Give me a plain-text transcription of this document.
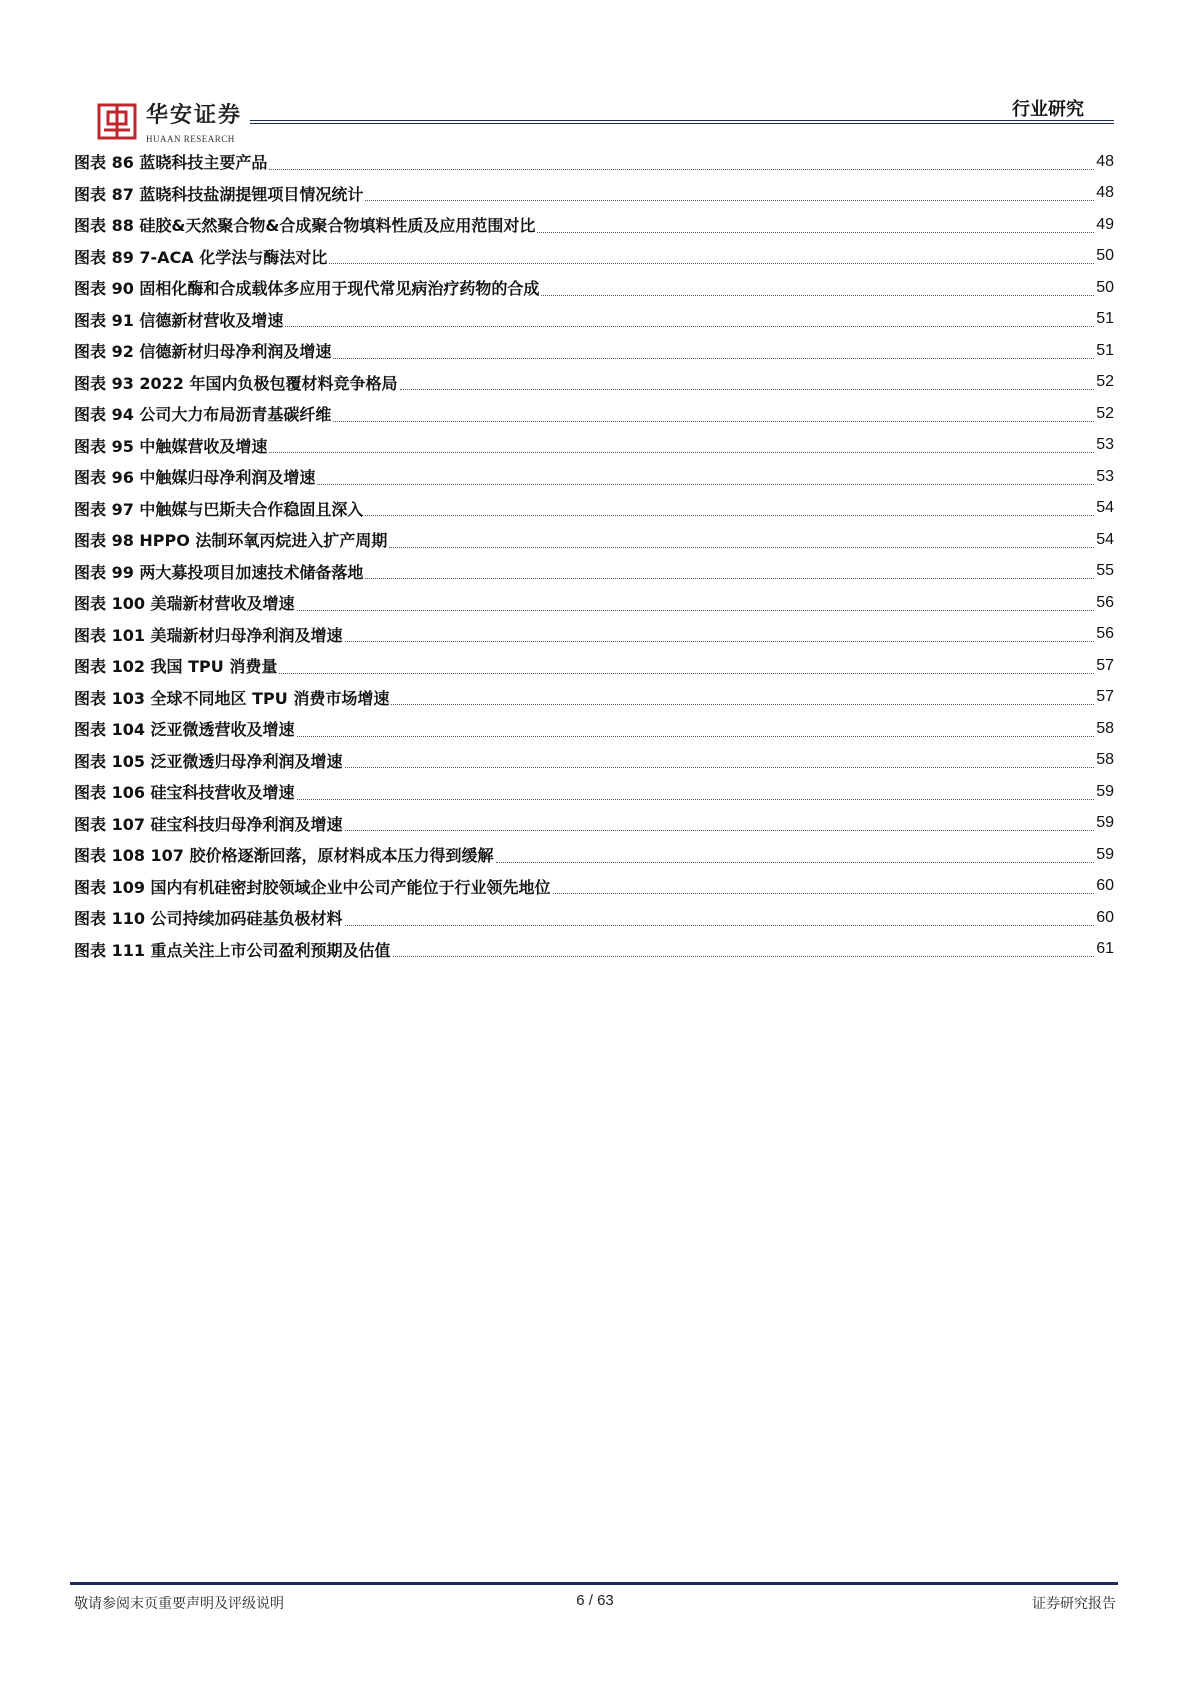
华安证券
HUAAN RESEARCH
行业研究
图表 86 蓝晓科技主要产品	48
图表 87 蓝晓科技盐湖提锂项目情况统计	48
图表 88 硅胶&天然聚合物&合成聚合物填料性质及应用范围对比	49
图表 89 7-ACA 化学法与酶法对比	50
图表 90 固相化酶和合成载体多应用于现代常见病治疗药物的合成	50
图表 91 信德新材营收及增速	51
图表 92 信德新材归母净利润及增速	51
图表 93 2022 年国内负极包覆材料竞争格局	52
图表 94 公司大力布局沥青基碳纤维	52
图表 95 中触媒营收及增速	53
图表 96 中触媒归母净利润及增速	53
图表 97 中触媒与巴斯夫合作稳固且深入	54
图表 98 HPPO 法制环氧丙烷进入扩产周期	54
图表 99 两大募投项目加速技术储备落地	55
图表 100 美瑞新材营收及增速	56
图表 101 美瑞新材归母净利润及增速	56
图表 102 我国 TPU 消费量	57
图表 103 全球不同地区 TPU 消费市场增速	57
图表 104 泛亚微透营收及增速	58
图表 105 泛亚微透归母净利润及增速	58
图表 106 硅宝科技营收及增速	59
图表 107 硅宝科技归母净利润及增速	59
图表 108 107 胶价格逐渐回落，原材料成本压力得到缓解	59
图表 109 国内有机硅密封胶领域企业中公司产能位于行业领先地位	60
图表 110 公司持续加码硅基负极材料	60
图表 111 重点关注上市公司盈利预期及估值	61
敬请参阅末页重要声明及评级说明	6 / 63	证券研究报告
